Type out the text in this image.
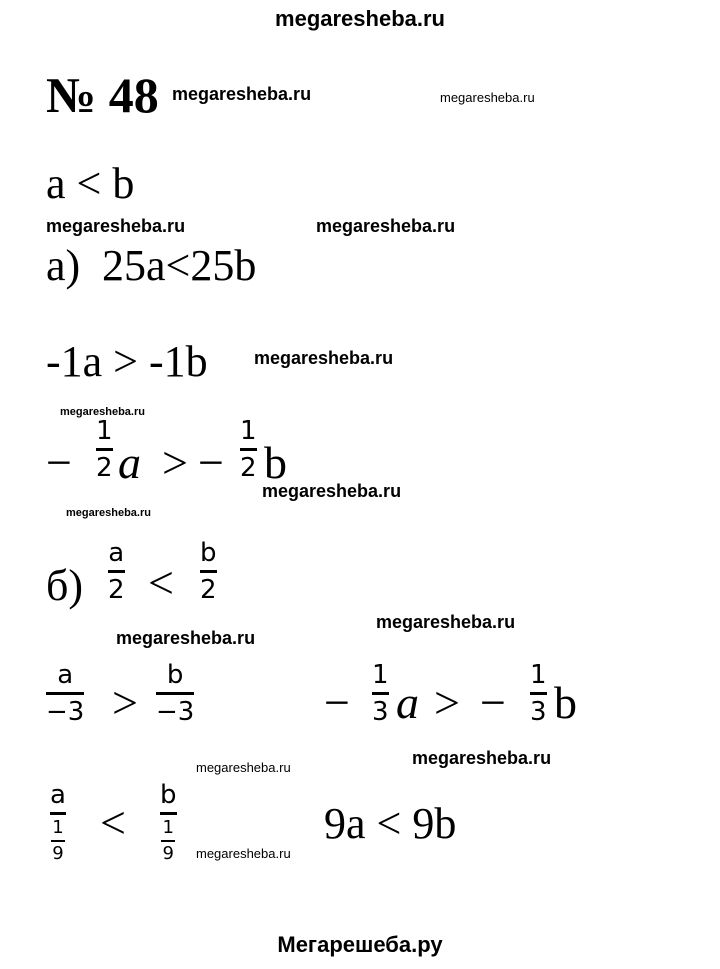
megaresheba.ru
megaresheba.ru	megaresheba.ru
megaresheba.ru	megaresheba.ru
megaresheba.ru
megaresheba.ru
megaresheba.ru
megaresheba.ru
megaresheba.ru
megaresheba.ru
megaresheba.ru
megaresheba.ru
megaresheba.ru
Мегарешеба.ру
№ 48
a < b
а) 25a<25b
-1a > -1b
−
1
2 a > −
1
2 b
б)
a
2 <
b
2
a
−3 >
b
−3	−
1
3 a > −
1
3 b
a
1
9
<
b
1
9
9a < 9b
